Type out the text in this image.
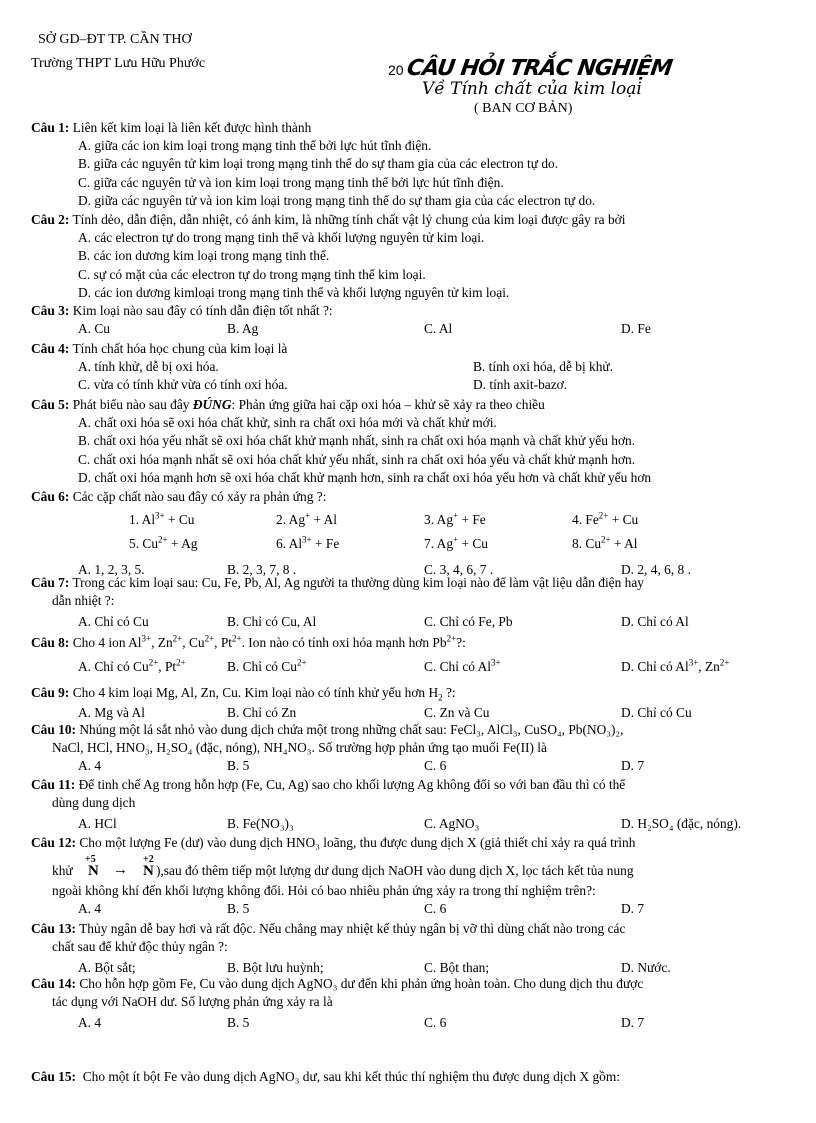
SỞ GD–ĐT TP. CẦN THƠ
Trường THPT Lưu Hữu Phước	20 CÂU HỎI TRẮC NGHIỆM
Về Tính chất của kim loại
( BAN CƠ BẢN)
Câu 1: Liên kết kim loại là liên kết được hình thành
A. giữa các ion kim loại trong mạng tinh thể bởi lực hút tĩnh điện.
B. giữa các nguyên tử kim loại trong mạng tinh thể do sự tham gia của các electron tự do.
C. giữa các nguyên tử và ion kim loại trong mạng tinh thể bởi lực hút tĩnh điện.
D. giữa các nguyên tử và ion kim loại trong mạng tinh thể do sự tham gia của các electron tự do.
Câu 2: Tính dẻo, dẫn điện, dẫn nhiệt, có ánh kim, là những tính chất vật lý chung của kim loại được gây ra bởi
A. các electron tự do trong mạng tinh thể và khối lượng nguyên tử kim loại.
B. các ion dương kim loại trong mạng tinh thể.
C. sự có mặt của các electron tự do trong mạng tinh thể kim loại.
D. các ion dương kimloại trong mạng tinh thể và khối lượng nguyên tử kim loại.
Câu 3: Kim loại nào sau đây có tính dẫn điện tốt nhất ?:
A. Cu	B. Ag	C. Al	D. Fe
Câu 4: Tính chất hóa học chung của kim loại là
A. tính khử, dễ bị oxi hóa.	B. tính oxi hóa, dễ bị khử.
C. vừa có tính khử vừa có tính oxi hóa.	D. tính axit-bazơ.
Câu 5: Phát biểu nào sau đây ĐÚNG: Phản ứng giữa hai cặp oxi hóa – khử sẽ xảy ra theo chiều
A. chất oxi hóa sẽ oxi hóa chất khử, sinh ra chất oxi hóa mới và chất khử mới.
B. chất oxi hóa yếu nhất sẽ oxi hóa chất khử mạnh nhất, sinh ra chất oxi hóa mạnh và chất khử yếu hơn.
C. chất oxi hóa mạnh nhất sẽ oxi hóa chất khử yếu nhất, sinh ra chất oxi hóa yếu và chất khử mạnh hơn.
D. chất oxi hóa mạnh hơn sẽ oxi hóa chất khử mạnh hơn, sinh ra chất oxi hóa yếu hơn và chất khử yếu hơn
Câu 6: Các cặp chất nào sau đây có xảy ra phản ứng ?:
1. $Al^{3+} + Cu$	2. Ag+ + Al	3. Ag+ + Fe	4. $Fe^{2+} + Cu$
5. $Cu^{2+} + Ag$	6. $Al^{3+} + Fe$	7. Ag+ + Cu	8. $Cu^{2+} + Al$
A. 1, 2, 3, 5.	B. 2, 3, 7, 8 .	C. 3, 4, 6, 7 .	D. 2, 4, 6, 8 .
Câu 7: Trong các kim loại sau: Cu, Fe, Pb, Al, Ag người ta thường dùng kim loại nào để làm vật liệu dẫn điện hay
dẫn nhiệt ?:
A. Chỉ có Cu	B. Chỉ có Cu, Al	C. Chỉ có Fe, Pb	D. Chỉ có Al
Câu 8: Cho 4 ion $Al^{3+}$, $Zn^{2+}$, $Cu^{2+}$, $Pt^{2+}$. Ion nào có tính oxi hóa mạnh hơn $Pb^{2+}$?:
A. Chỉ có $Cu^{2+}$, $Pt^{2+}$	B. Chỉ có $Cu^{2+}$	C. Chỉ có $Al^{3+}$	D. Chỉ có $Al^{3+}$, $Zn^{2+}$
Câu 9: Cho 4 kim loại Mg, Al, Zn, Cu. Kim loại nào có tính khử yếu hơn $H_2$ ?:
A. Mg và Al	B. Chỉ có Zn	C. Zn và Cu	D. Chỉ có Cu
Câu 10: Nhúng một lá sắt nhỏ vào dung dịch chứa một trong những chất sau: FeCl₃, AlCl₃, CuSO₄, Pb(NO₃)₂,
NaCl, HCl, HNO₃, H₂SO₄ (đặc, nóng), NH₄NO₃. Số trường hợp phản ứng tạo muối Fe(II) là
A. 4	B. 5	C. 6	D. 7
Câu 11: Để tinh chế Ag trong hỗn hợp (Fe, Cu, Ag) sao cho khối lượng Ag không đổi so với ban đầu thì có thể
dùng dung dịch
A. HCl	B. Fe(NO₃)₃	C. AgNO₃	D. H₂SO₄ (đặc, nóng).
Câu 12: Cho một lượng Fe (dư) vào dung dịch HNO₃ loãng, thu được dung dịch X (giả thiết chỉ xảy ra quá trình
khử
+5
N →
+2
N ),sau đó thêm tiếp một lượng dư dung dịch NaOH vào dung dịch X, lọc tách kết tủa nung
ngoài không khí đến khối lượng không đổi. Hỏi có bao nhiêu phản ứng xảy ra trong thí nghiệm trên?:
A. 4	B. 5	C. 6	D. 7
Câu 13: Thủy ngân dễ bay hơi và rất độc. Nếu chẳng may nhiệt kế thủy ngân bị vỡ thì dùng chất nào trong các
chất sau để khử độc thủy ngân ?:
A. Bột sắt;	B. Bột lưu huỳnh;	C. Bột than;	D. Nước.
Câu 14: Cho hỗn hợp gồm Fe, Cu vào dung dịch AgNO₃ dư đến khi phản ứng hoàn toàn. Cho dung dịch thu được
tác dụng với NaOH dư. Số lượng phản ứng xảy ra là
A. 4	B. 5	C. 6	D. 7
Câu 15: Cho một ít bột Fe vào dung dịch AgNO₃ dư, sau khi kết thúc thí nghiệm thu được dung dịch X gồm:
